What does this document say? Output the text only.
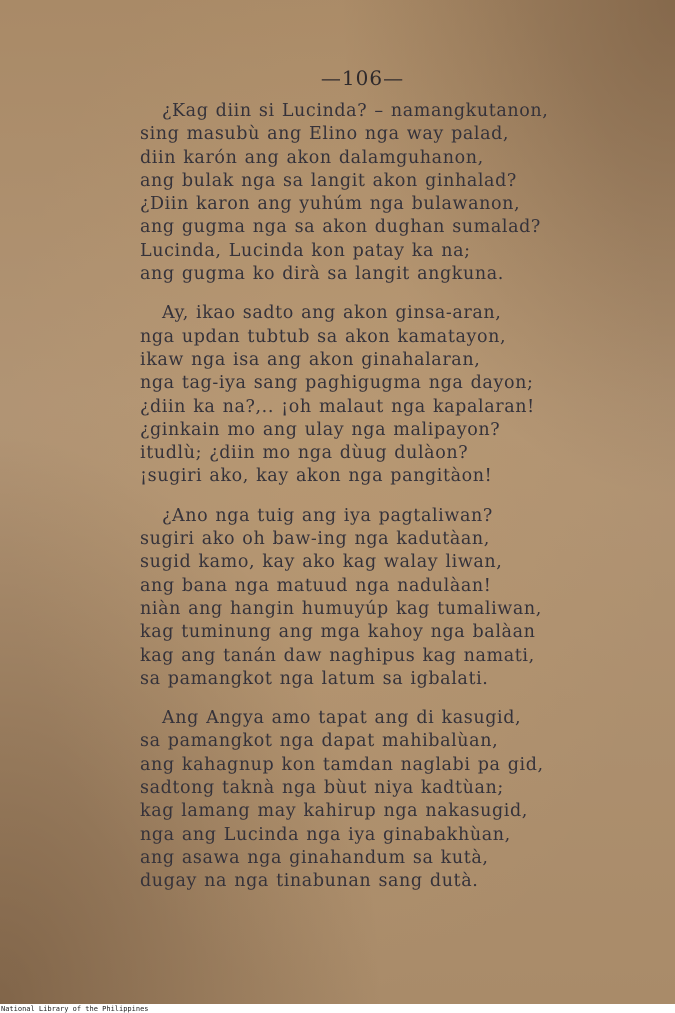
—106—

¿Kag diin si Lucinda? – namangkutanon,
sing masubù ang Elino nga way palad,
diin karón ang akon dalamguhanon,
ang bulak nga sa langit akon ginhalad?
¿Diin karon ang yuhúm nga bulawanon,
ang gugma nga sa akon dughan sumalad?
Lucinda, Lucinda kon patay ka na;
ang gugma ko dirà sa langit angkuna.

Ay, ikao sadto ang akon ginsa-aran,
nga updan tubtub sa akon kamatayon,
ikaw nga isa ang akon ginahalaran,
nga tag-iya sang paghigugma nga dayon;
¿diin ka na?,.. ¡oh malaut nga kapalaran!
¿ginkain mo ang ulay nga malipayon?
itudlù; ¿diin mo nga dùug dulàon?
¡sugiri ako, kay akon nga pangitàon!

¿Ano nga tuig ang iya pagtaliwan?
sugiri ako oh baw-ing nga kadutàan,
sugid kamo, kay ako kag walay liwan,
ang bana nga matuud nga nadulàan!
niàn ang hangin humuyúp kag tumaliwan,
kag tuminung ang mga kahoy nga balàan
kag ang tanán daw naghipus kag namati,
sa pamangkot nga latum sa igbalati.

Ang Angya amo tapat ang di kasugid,
sa pamangkot nga dapat mahibalùan,
ang kahagnup kon tamdan naglabi pa gid,
sadtong taknà nga bùut niya kadtùan;
kag lamang may kahirup nga nakasugid,
nga ang Lucinda nga iya ginabakhùan,
ang asawa nga ginahandum sa kutà,
dugay na nga tinabunan sang dutà.

National Library of the Philippines
